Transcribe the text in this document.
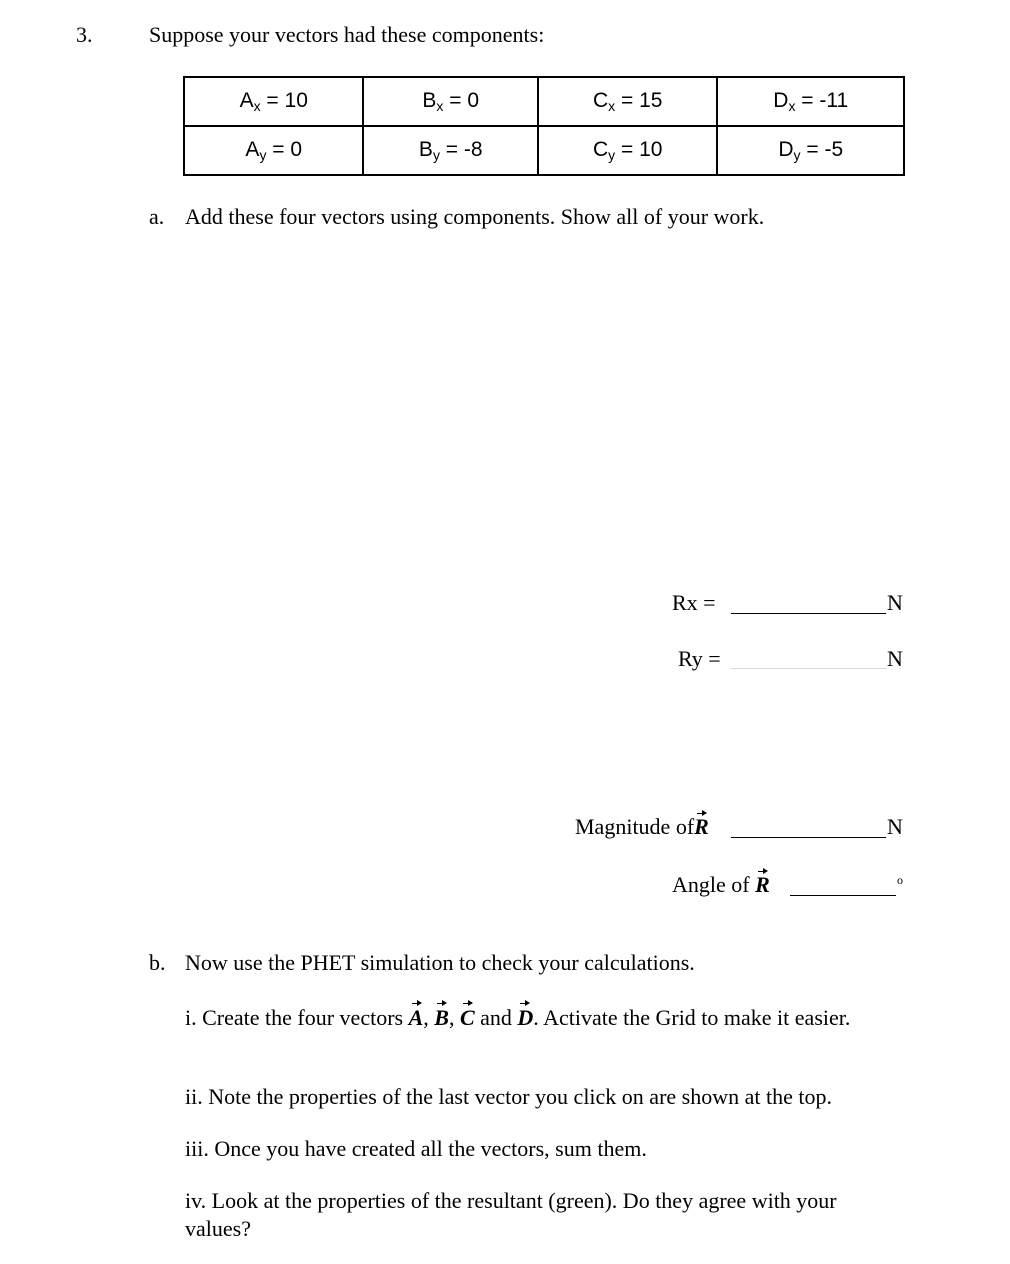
3.	Suppose your vectors had these components:
$A_x = 10$	$B_x = 0$	$C_x = 15$	$D_x = -11$
$A_y = 0$	$B_y = -8$	$C_y = 10$	$D_y = -5$
a. Add these four vectors using components. Show all of your work.
Rx =	N
Ry =	N
Magnitude ofR	N
Angle of R	o
b. Now use the PHET simulation to check your calculations.
i. Create the four vectors A, B, C and D. Activate the Grid to make it easier.
ii. Note the properties of the last vector you click on are shown at the top.
iii. Once you have created all the vectors, sum them.
iv. Look at the properties of the resultant (green). Do they agree with your values?
